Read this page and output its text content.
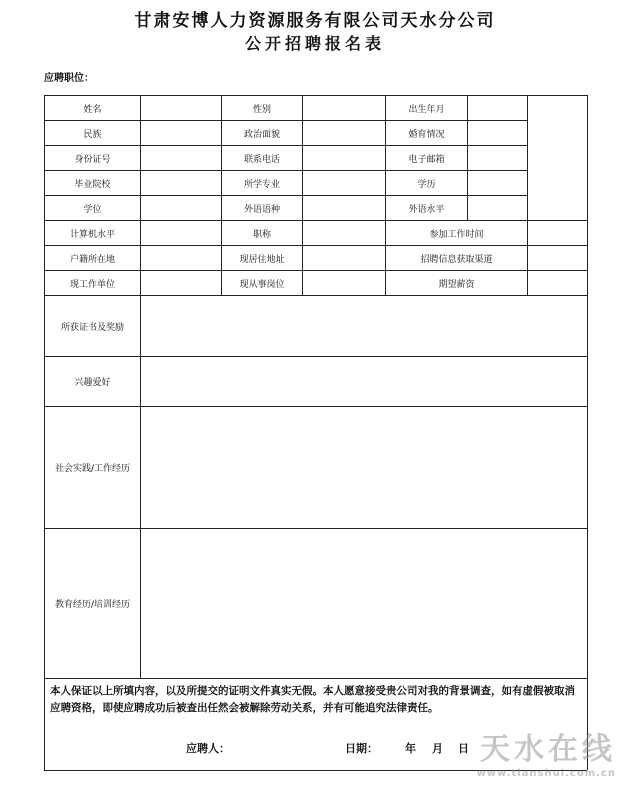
甘肃安博人力资源服务有限公司天水分公司
公开招聘报名表
应聘职位：
姓名		性别		出生年月		
民族		政治面貌		婚育情况		
身份证号		联系电话		电子邮箱		
毕业院校		所学专业		学历		
学位		外语语种		外语水平		
计算机水平		职称		参加工作时间		
户籍所在地		现居住地址		招聘信息获取渠道		
现工作单位		现从事岗位		期望薪资		
所获证书及奖励						
兴趣爱好						
社会实践/工作经历						
教育经历/培训经历						
本人保证以上所填内容，以及所提交的证明文件真实无假。本人愿意接受贵公司对我的背景调查，如有虚假被取消应聘资格，即使应聘成功后被查出任然会被解除劳动关系，并有可能追究法律责任。
应聘人：	日期： 年 月 日 天水在线
www.tianshui.com.cn
